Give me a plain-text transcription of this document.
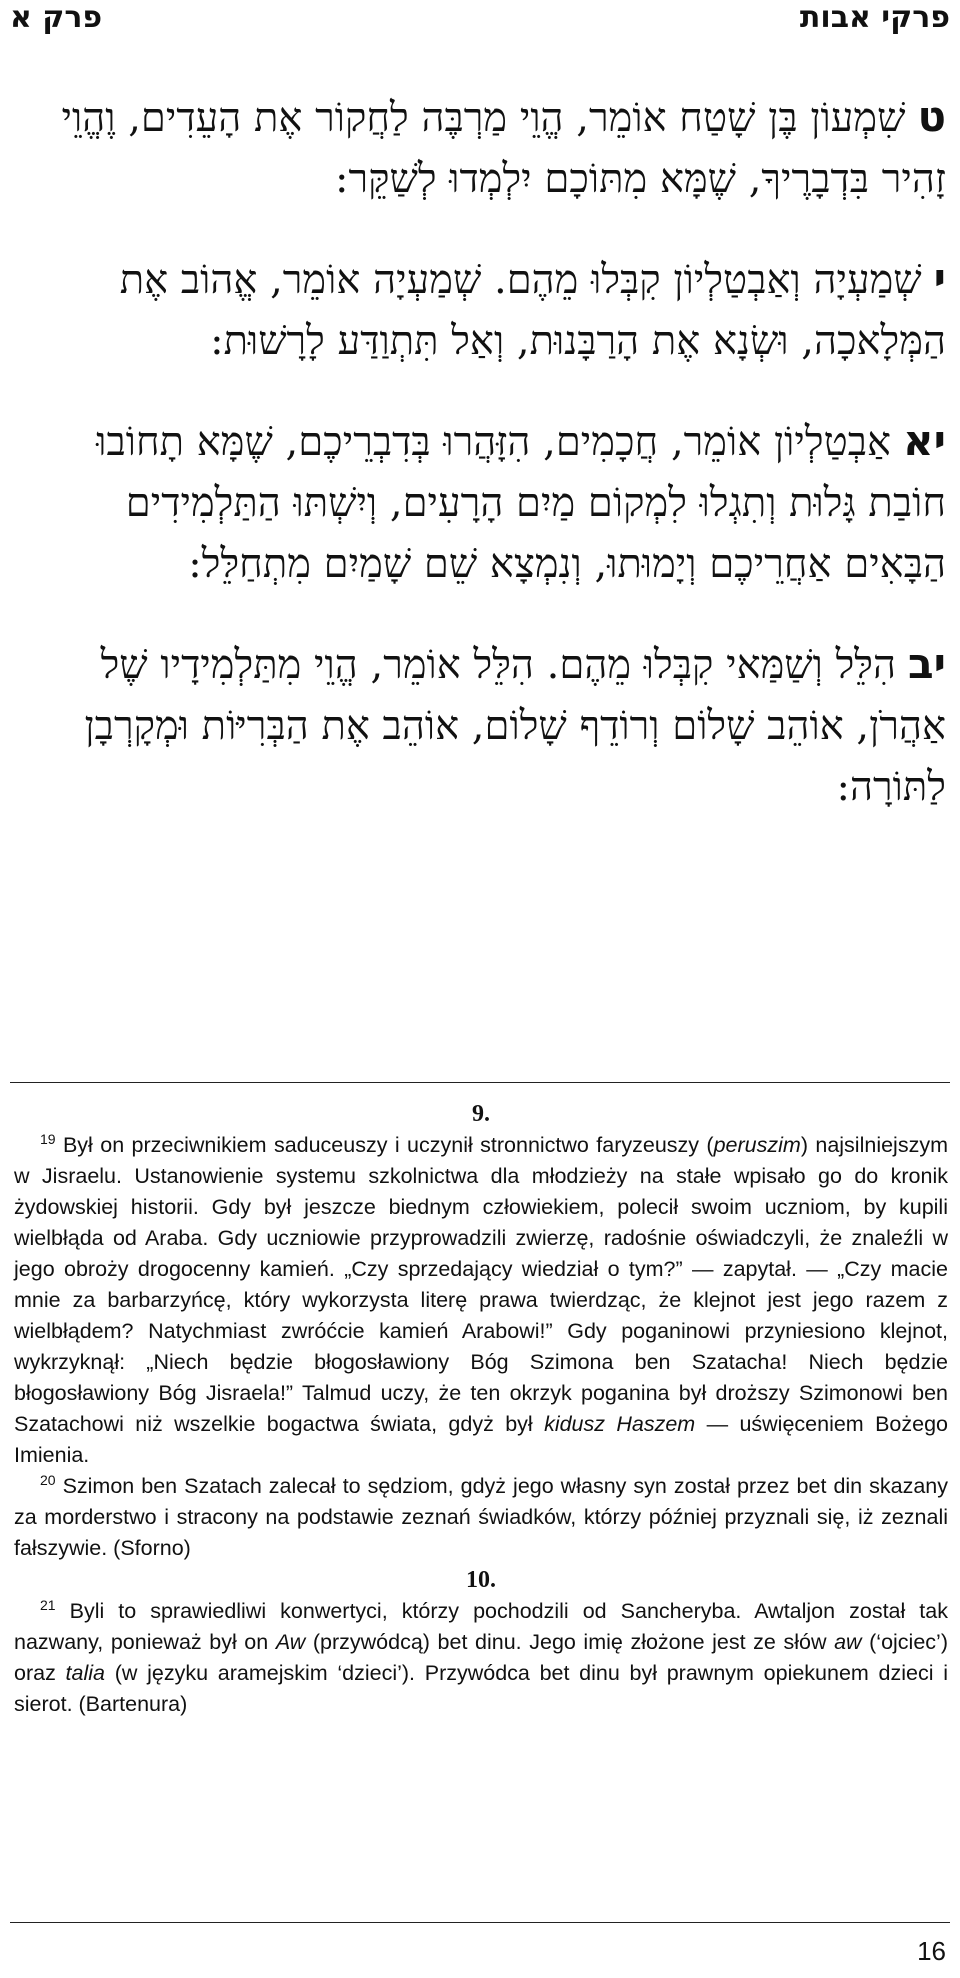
פרק א	פרקי אבות

טשִׁמְעוֹן בֶּן שָׁטַח אוֹמֵר, הֱוֵי מַרְבֶּה לַחֲקוֹר אֶת הָעֵדִים, וֶהֱוֵי זָהִיר בִּדְבָרֶיךָ, שֶׁמָּא מִתּוֹכָם יִלְמְדוּ לְשַׁקֵּר:

ישְׁמַעְיָה וְאַבְטַלְיוֹן קִבְּלוּ מֵהֶם. שְׁמַעְיָה אוֹמֵר, אֱהוֹב אֶת הַמְּלָאכָה, וּשְׂנָא אֶת הָרַבָּנוּת, וְאַל תִּתְוַדַּע לָרָשׁוּת:

יאאַבְטַלְיוֹן אוֹמֵר, חֲכָמִים, הִזָּהֲרוּ בְּדִבְרֵיכֶם, שֶׁמָּא תָחוֹבוּ חוֹבַת גָּלוּת וְתִגְלוּ לִמְקוֹם מַיִם הָרָעִים, וְיִשְׁתּוּ הַתַּלְמִידִים הַבָּאִים אַחֲרֵיכֶם וְיָמוּתוּ, וְנִמְצָא שֵׁם שָׁמַיִם מִתְחַלֵּל:

יבהִלֵּל וְשַׁמַּאי קִבְּלוּ מֵהֶם. הִלֵּל אוֹמֵר, הֱוֵי מִתַּלְמִידָיו שֶׁל אַהֲרֹן, אוֹהֵב שָׁלוֹם וְרוֹדֵף שָׁלוֹם, אוֹהֵב אֶת הַבְּרִיּוֹת וּמְקָרְבָן לַתּוֹרָה:

9.

$^{19}$ Był on przeciwnikiem saduceuszy i uczynił stronnictwo faryzeuszy (peruszim) najsilniejszym w Jisraelu. Ustanowienie systemu szkolnictwa dla młodzieży na stałe wpisało go do kronik żydowskiej historii. Gdy był jeszcze biednym człowiekiem, polecił swoim uczniom, by kupili wielbłąda od Araba. Gdy uczniowie przyprowadzili zwierzę, radośnie oświadczyli, że znaleźli w jego obroży drogocenny kamień. „Czy sprzedający wiedział o tym?” — zapytał. — „Czy macie mnie za barbarzyńcę, który wykorzysta literę prawa twierdząc, że klejnot jest jego razem z wielbłądem? Natychmiast zwróćcie kamień Arabowi!” Gdy poganinowi przyniesiono klejnot, wykrzyknął: „Niech będzie błogosławiony Bóg Szimona ben Szatacha! Niech będzie błogosławiony Bóg Jisraela!” Talmud uczy, że ten okrzyk poganina był droższy Szimonowi ben Szatachowi niż wszelkie bogactwa świata, gdyż był kidusz Haszem — uświęceniem Bożego Imienia.

$^{20}$ Szimon ben Szatach zalecał to sędziom, gdyż jego własny syn został przez bet din skazany za morderstwo i stracony na podstawie zeznań świadków, którzy później przyznali się, iż zeznali fałszywie. (Sforno)

10.

$^{21}$ Byli to sprawiedliwi konwertyci, którzy pochodzili od Sancheryba. Awtaljon został tak nazwany, ponieważ był on Aw (przywódcą) bet dinu. Jego imię złożone jest ze słów aw (‘ojciec’) oraz talia (w języku aramejskim ‘dzieci’). Przywódca bet dinu był prawnym opiekunem dzieci i sierot. (Bartenura)

16
